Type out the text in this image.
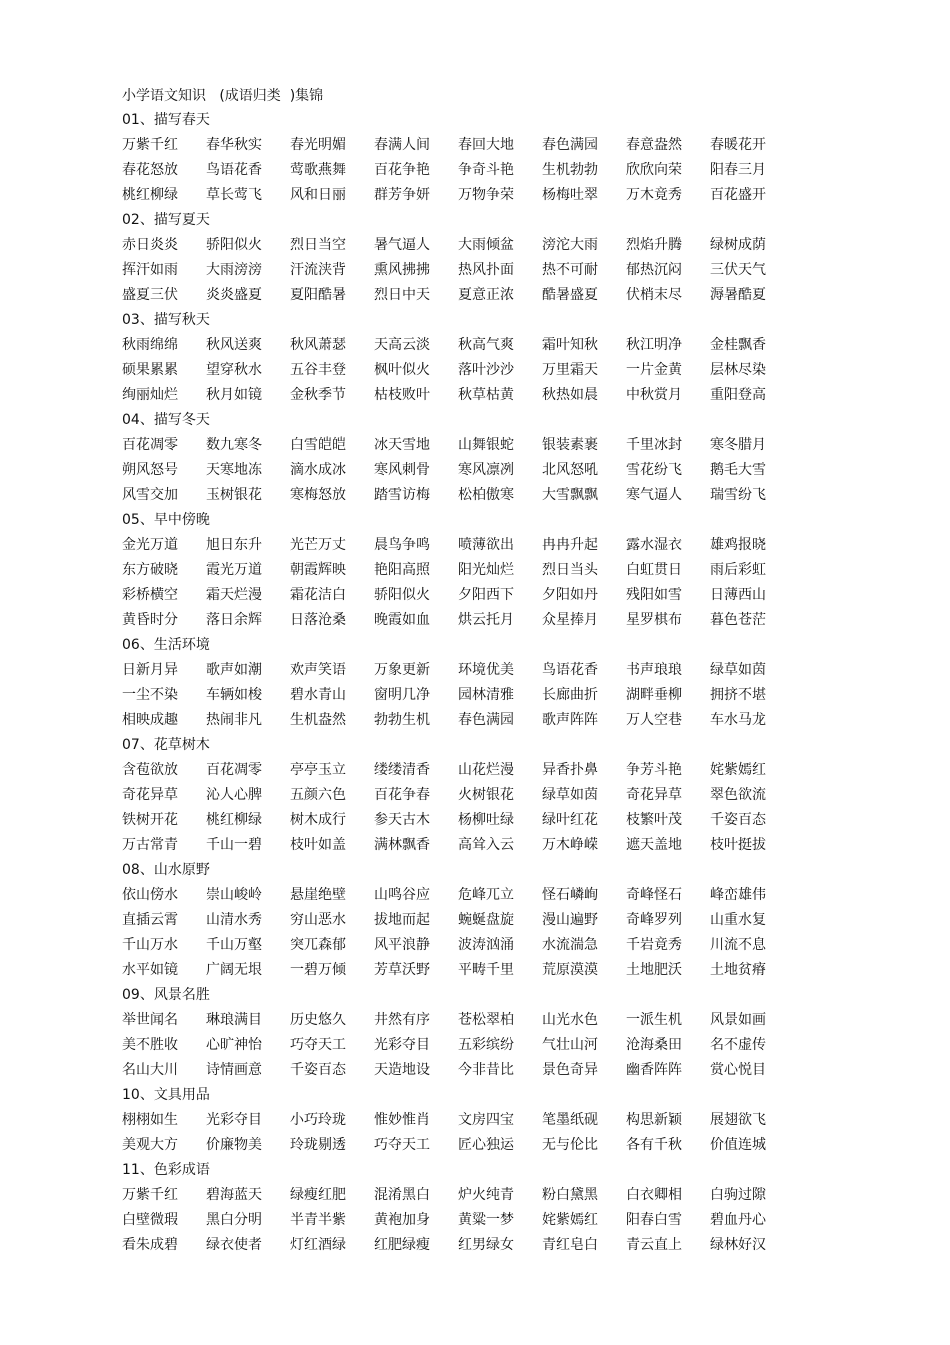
小学语文知识   (成语归类  )集锦
01、描写春天
万紫千红	春华秋实	春光明媚	春满人间	春回大地	春色满园	春意盎然	春暖花开
春花怒放	鸟语花香	莺歌燕舞	百花争艳	争奇斗艳	生机勃勃	欣欣向荣	阳春三月
桃红柳绿	草长莺飞	风和日丽	群芳争妍	万物争荣	杨梅吐翠	万木竟秀	百花盛开
02、描写夏天
赤日炎炎	骄阳似火	烈日当空	暑气逼人	大雨倾盆	滂沱大雨	烈焰升腾	绿树成荫
挥汗如雨	大雨滂滂	汗流浃背	熏风拂拂	热风扑面	热不可耐	郁热沉闷	三伏天气
盛夏三伏	炎炎盛夏	夏阳酷暑	烈日中天	夏意正浓	酷暑盛夏	伏梢末尽	溽暑酷夏
03、描写秋天
秋雨绵绵	秋风送爽	秋风萧瑟	天高云淡	秋高气爽	霜叶知秋	秋江明净	金桂飘香
硕果累累	望穿秋水	五谷丰登	枫叶似火	落叶沙沙	万里霜天	一片金黄	层林尽染
绚丽灿烂	秋月如镜	金秋季节	枯枝败叶	秋草枯黄	秋热如晨	中秋赏月	重阳登高
04、描写冬天
百花凋零	数九寒冬	白雪皑皑	冰天雪地	山舞银蛇	银装素裹	千里冰封	寒冬腊月
朔风怒号	天寒地冻	滴水成冰	寒风刺骨	寒风凛冽	北风怒吼	雪花纷飞	鹅毛大雪
风雪交加	玉树银花	寒梅怒放	踏雪访梅	松柏傲寒	大雪飘飘	寒气逼人	瑞雪纷飞
05、早中傍晚
金光万道	旭日东升	光芒万丈	晨鸟争鸣	喷薄欲出	冉冉升起	露水湿衣	雄鸡报晓
东方破晓	霞光万道	朝霞辉映	艳阳高照	阳光灿烂	烈日当头	白虹贯日	雨后彩虹
彩桥横空	霜天烂漫	霜花洁白	骄阳似火	夕阳西下	夕阳如丹	残阳如雪	日薄西山
黄昏时分	落日余辉	日落沧桑	晚霞如血	烘云托月	众星捧月	星罗棋布	暮色苍茫
06、生活环境
日新月异	歌声如潮	欢声笑语	万象更新	环境优美	鸟语花香	书声琅琅	绿草如茵
一尘不染	车辆如梭	碧水青山	窗明几净	园林清雅	长廊曲折	湖畔垂柳	拥挤不堪
相映成趣	热闹非凡	生机盎然	勃勃生机	春色满园	歌声阵阵	万人空巷	车水马龙
07、花草树木
含苞欲放	百花凋零	亭亭玉立	缕缕清香	山花烂漫	异香扑鼻	争芳斗艳	姹紫嫣红
奇花异草	沁人心脾	五颜六色	百花争春	火树银花	绿草如茵	奇花异草	翠色欲流
铁树开花	桃红柳绿	树木成行	参天古木	杨柳吐绿	绿叶红花	枝繁叶茂	千姿百态
万古常青	千山一碧	枝叶如盖	满林飘香	高耸入云	万木峥嵘	遮天盖地	枝叶挺拔
08、山水原野
依山傍水	崇山峻岭	悬崖绝壁	山鸣谷应	危峰兀立	怪石嶙峋	奇峰怪石	峰峦雄伟
直插云霄	山清水秀	穷山恶水	拔地而起	蜿蜒盘旋	漫山遍野	奇峰罗列	山重水复
千山万水	千山万壑	突兀森郁	风平浪静	波涛汹涌	水流湍急	千岩竟秀	川流不息
水平如镜	广阔无垠	一碧万倾	芳草沃野	平畴千里	荒原漠漠	土地肥沃	土地贫瘠
09、风景名胜
举世闻名	琳琅满目	历史悠久	井然有序	苍松翠柏	山光水色	一派生机	风景如画
美不胜收	心旷神怡	巧夺天工	光彩夺目	五彩缤纷	气壮山河	沧海桑田	名不虚传
名山大川	诗情画意	千姿百态	天造地设	今非昔比	景色奇异	幽香阵阵	赏心悦目
10、文具用品
栩栩如生	光彩夺目	小巧玲珑	惟妙惟肖	文房四宝	笔墨纸砚	构思新颖	展翅欲飞
美观大方	价廉物美	玲珑剔透	巧夺天工	匠心独运	无与伦比	各有千秋	价值连城
11、色彩成语
万紫千红	碧海蓝天	绿瘦红肥	混淆黑白	炉火纯青	粉白黛黑	白衣卿相	白驹过隙
白壁微瑕	黑白分明	半青半紫	黄袍加身	黄粱一梦	姹紫嫣红	阳春白雪	碧血丹心
看朱成碧	绿衣使者	灯红酒绿	红肥绿瘦	红男绿女	青红皂白	青云直上	绿林好汉
